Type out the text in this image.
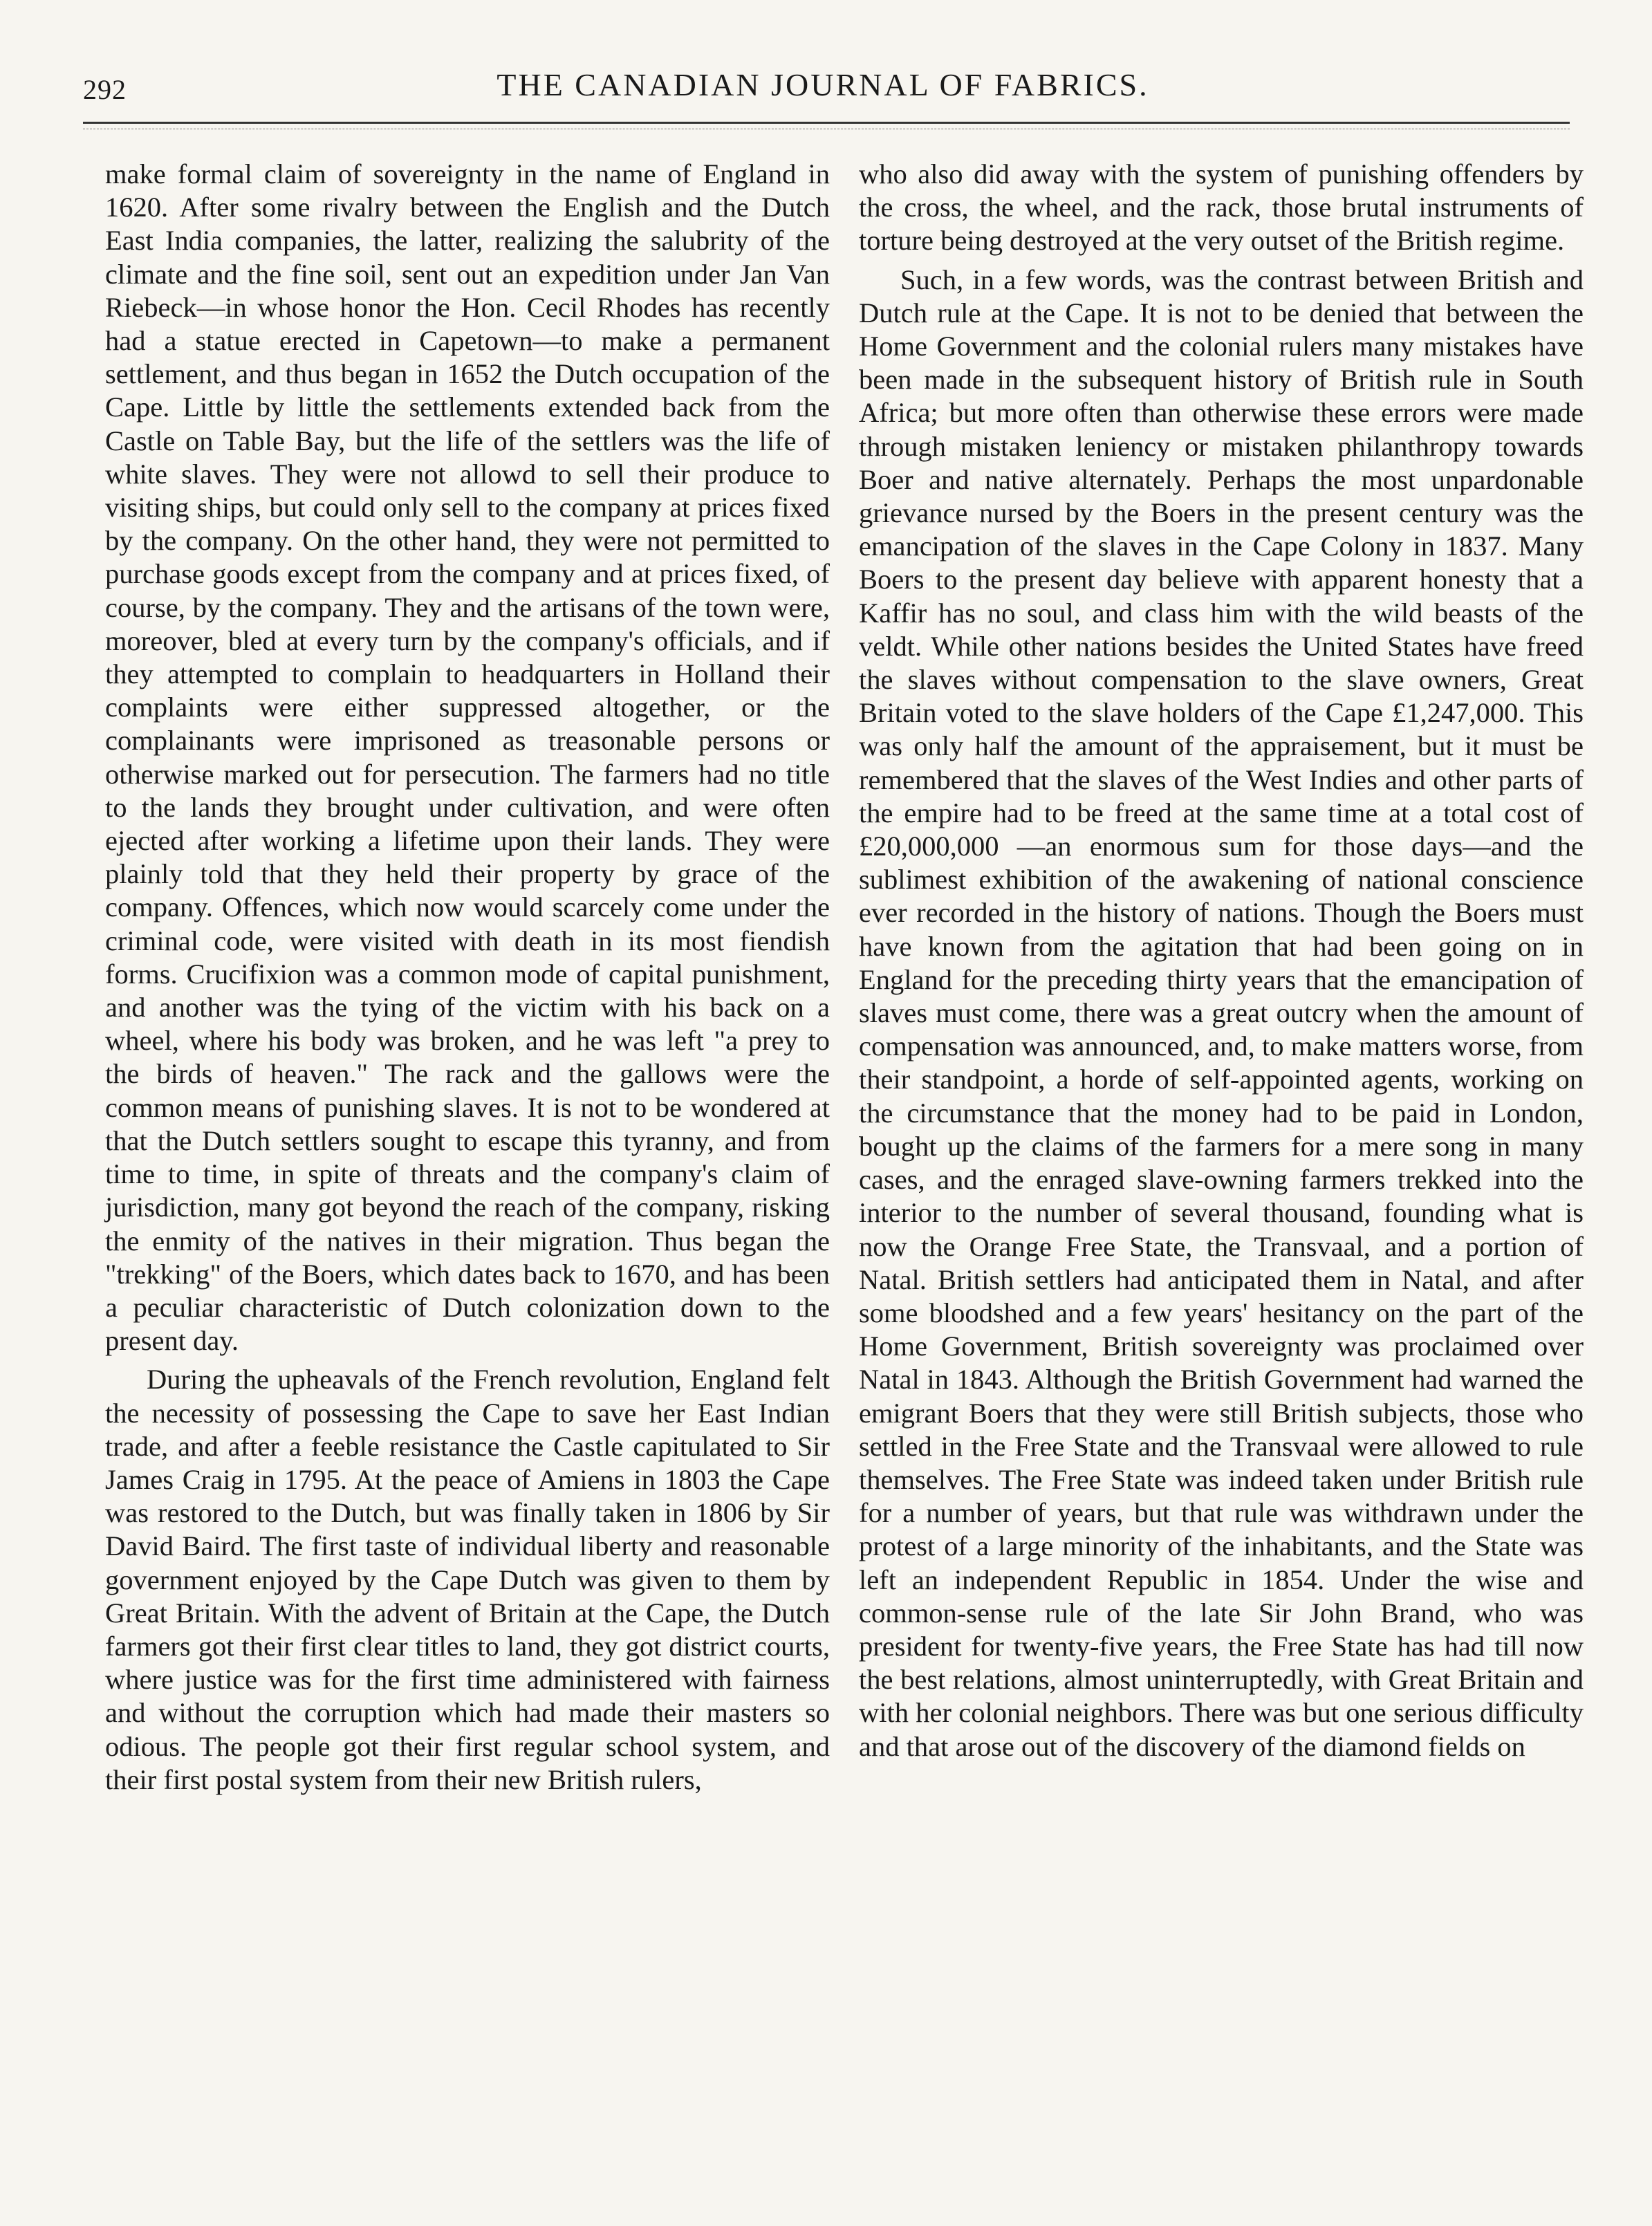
292	THE CANADIAN JOURNAL OF FABRICS.

make formal claim of sovereignty in the name of England in 1620. After some rivalry between the English and the Dutch East India companies, the latter, realizing the salubrity of the climate and the fine soil, sent out an expedition under Jan Van Riebeck—in whose honor the Hon. Cecil Rhodes has recently had a statue erected in Capetown—to make a permanent settlement, and thus began in 1652 the Dutch occupation of the Cape. Little by little the settlements extended back from the Castle on Table Bay, but the life of the settlers was the life of white slaves. They were not allowd to sell their produce to visiting ships, but could only sell to the company at prices fixed by the company. On the other hand, they were not permitted to purchase goods except from the company and at prices fixed, of course, by the company. They and the artisans of the town were, moreover, bled at every turn by the company's officials, and if they attempted to complain to headquarters in Holland their complaints were either suppressed altogether, or the complainants were imprisoned as treasonable persons or otherwise marked out for persecution. The farmers had no title to the lands they brought under cultivation, and were often ejected after working a lifetime upon their lands. They were plainly told that they held their property by grace of the company. Offences, which now would scarcely come under the criminal code, were visited with death in its most fiendish forms. Crucifixion was a common mode of capital punishment, and another was the tying of the victim with his back on a wheel, where his body was broken, and he was left "a prey to the birds of heaven." The rack and the gallows were the common means of punishing slaves. It is not to be wondered at that the Dutch settlers sought to escape this tyranny, and from time to time, in spite of threats and the company's claim of jurisdiction, many got beyond the reach of the company, risking the enmity of the natives in their migration. Thus began the "trekking" of the Boers, which dates back to 1670, and has been a peculiar characteristic of Dutch colonization down to the present day.

During the upheavals of the French revolution, England felt the necessity of possessing the Cape to save her East Indian trade, and after a feeble resistance the Castle capitulated to Sir James Craig in 1795. At the peace of Amiens in 1803 the Cape was restored to the Dutch, but was finally taken in 1806 by Sir David Baird. The first taste of individual liberty and reasonable government enjoyed by the Cape Dutch was given to them by Great Britain. With the advent of Britain at the Cape, the Dutch farmers got their first clear titles to land, they got district courts, where justice was for the first time administered with fairness and without the corruption which had made their masters so odious. The people got their first regular school system, and their first postal system from their new British rulers,

who also did away with the system of punishing offenders by the cross, the wheel, and the rack, those brutal instruments of torture being destroyed at the very outset of the British regime.

Such, in a few words, was the contrast between British and Dutch rule at the Cape. It is not to be denied that between the Home Government and the colonial rulers many mistakes have been made in the subsequent history of British rule in South Africa; but more often than otherwise these errors were made through mistaken leniency or mistaken philanthropy towards Boer and native alternately. Perhaps the most unpardonable grievance nursed by the Boers in the present century was the emancipation of the slaves in the Cape Colony in 1837. Many Boers to the present day believe with apparent honesty that a Kaffir has no soul, and class him with the wild beasts of the veldt. While other nations besides the United States have freed the slaves without compensation to the slave owners, Great Britain voted to the slave holders of the Cape £1,247,000. This was only half the amount of the appraisement, but it must be remembered that the slaves of the West Indies and other parts of the empire had to be freed at the same time at a total cost of £20,000,000 —an enormous sum for those days—and the sublimest exhibition of the awakening of national conscience ever recorded in the history of nations. Though the Boers must have known from the agitation that had been going on in England for the preceding thirty years that the emancipation of slaves must come, there was a great outcry when the amount of compensation was announced, and, to make matters worse, from their standpoint, a horde of self-appointed agents, working on the circumstance that the money had to be paid in London, bought up the claims of the farmers for a mere song in many cases, and the enraged slave-owning farmers trekked into the interior to the number of several thousand, founding what is now the Orange Free State, the Transvaal, and a portion of Natal. British settlers had anticipated them in Natal, and after some bloodshed and a few years' hesitancy on the part of the Home Government, British sovereignty was proclaimed over Natal in 1843. Although the British Government had warned the emigrant Boers that they were still British subjects, those who settled in the Free State and the Transvaal were allowed to rule themselves. The Free State was indeed taken under British rule for a number of years, but that rule was withdrawn under the protest of a large minority of the inhabitants, and the State was left an independent Republic in 1854. Under the wise and common-sense rule of the late Sir John Brand, who was president for twenty-five years, the Free State has had till now the best relations, almost uninterruptedly, with Great Britain and with her colonial neighbors. There was but one serious difficulty and that arose out of the discovery of the diamond fields on
